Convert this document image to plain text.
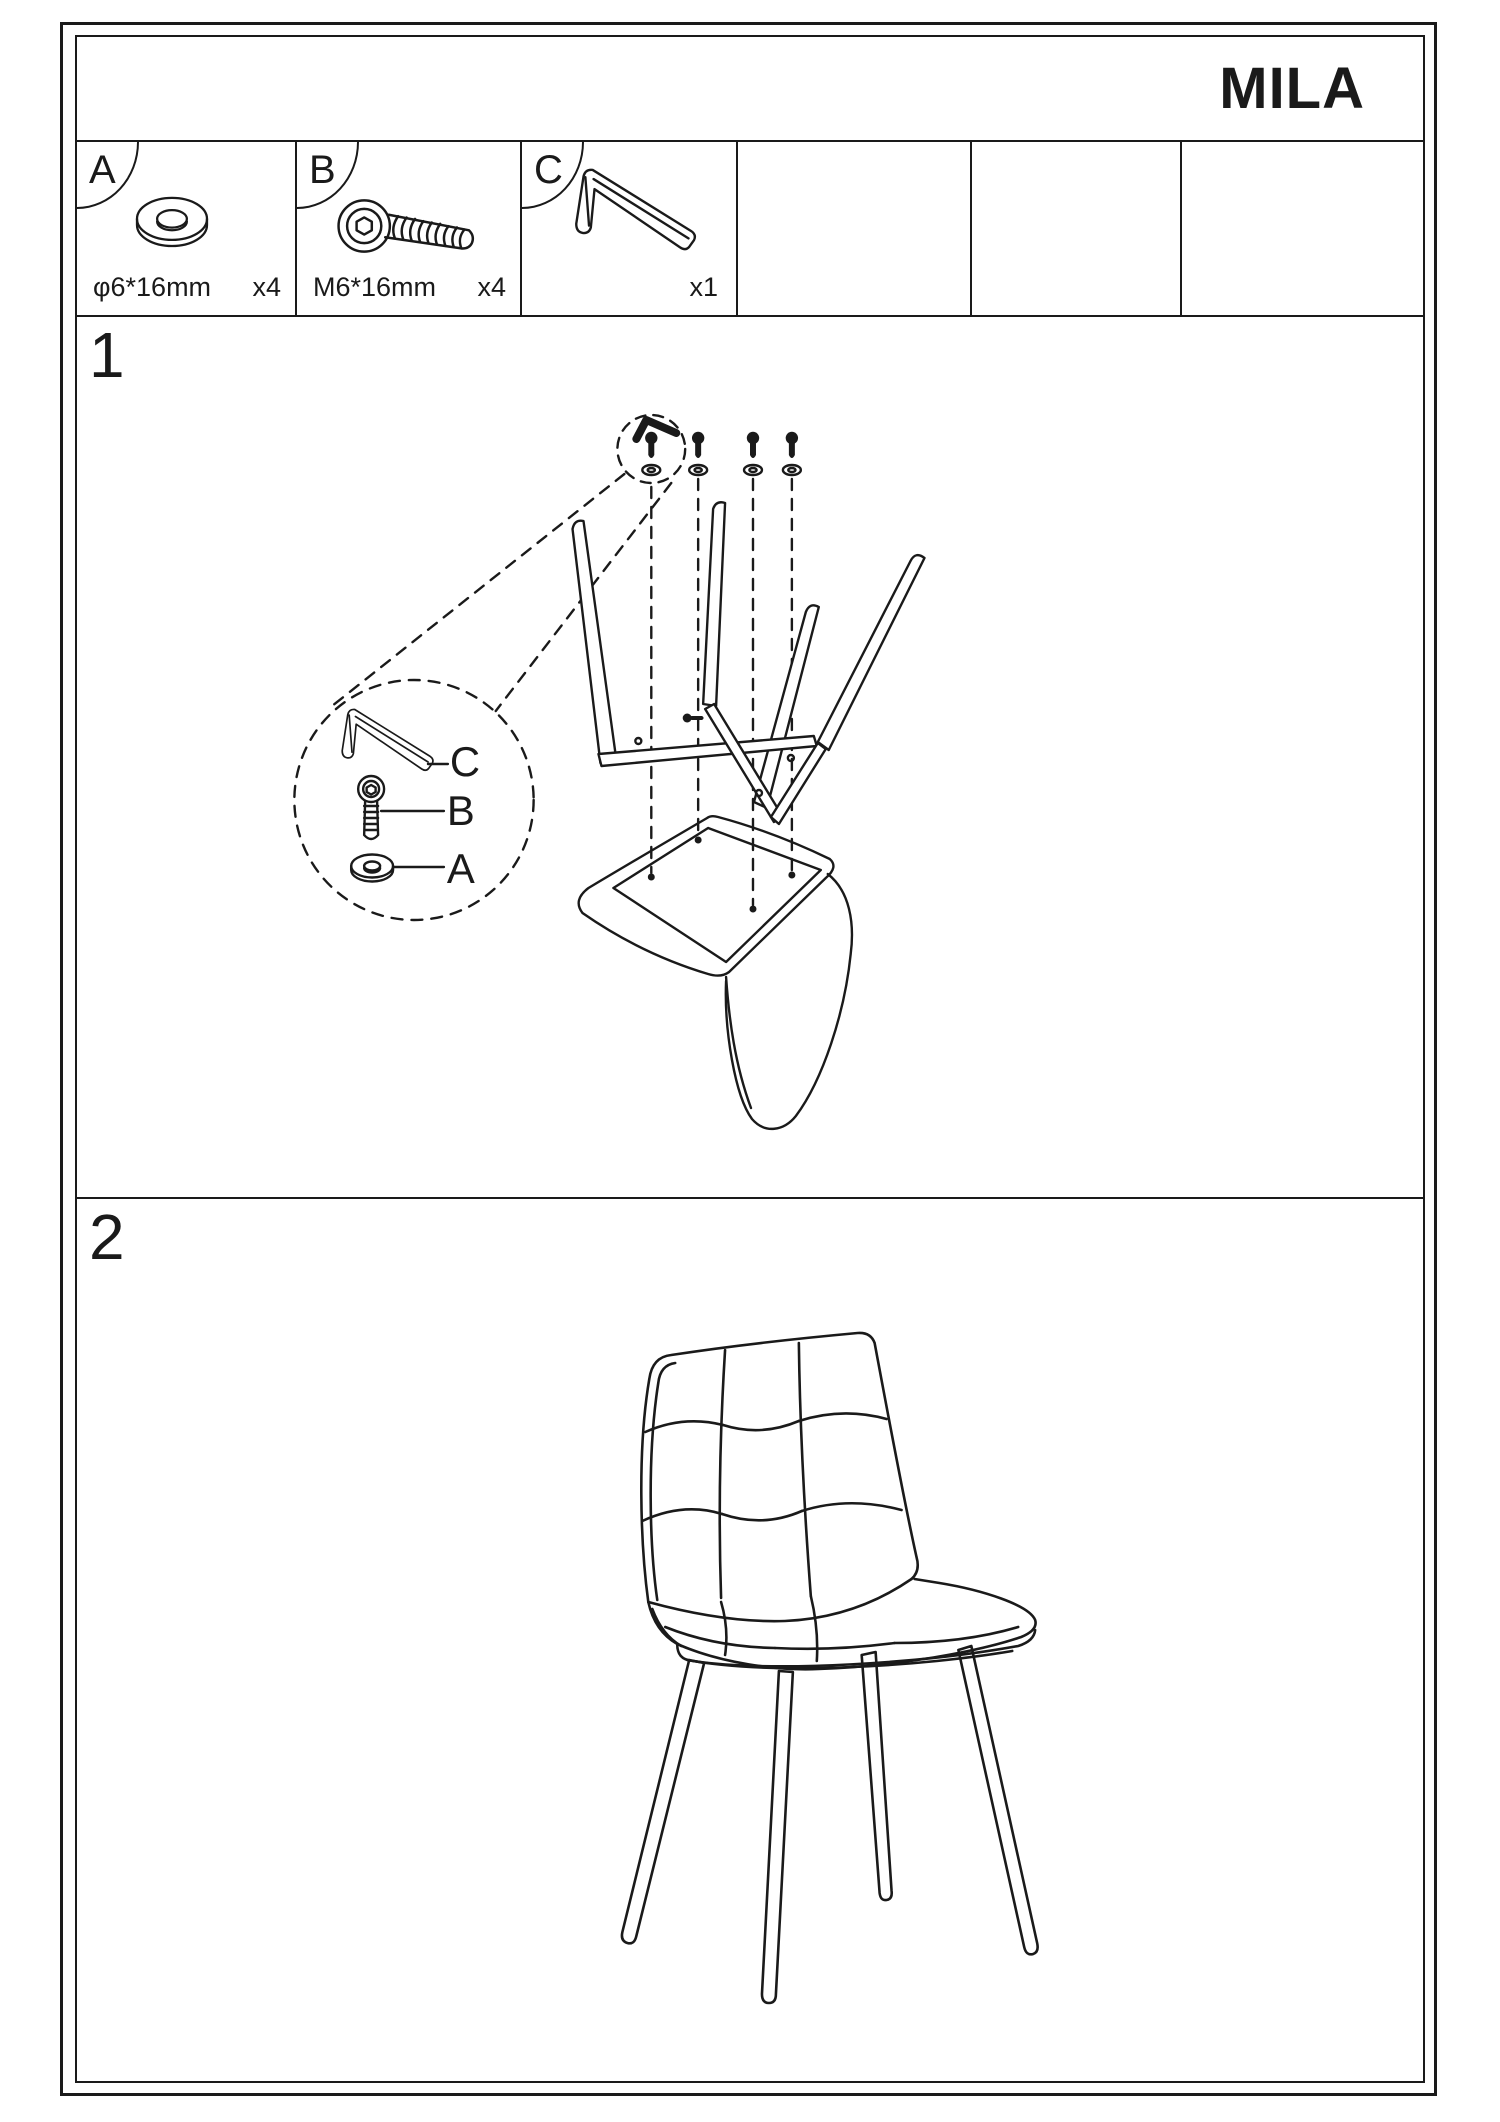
MILA
A
φ6*16mm x4
B
M6*16mm x4
C
x1
1
C
B
A
2
